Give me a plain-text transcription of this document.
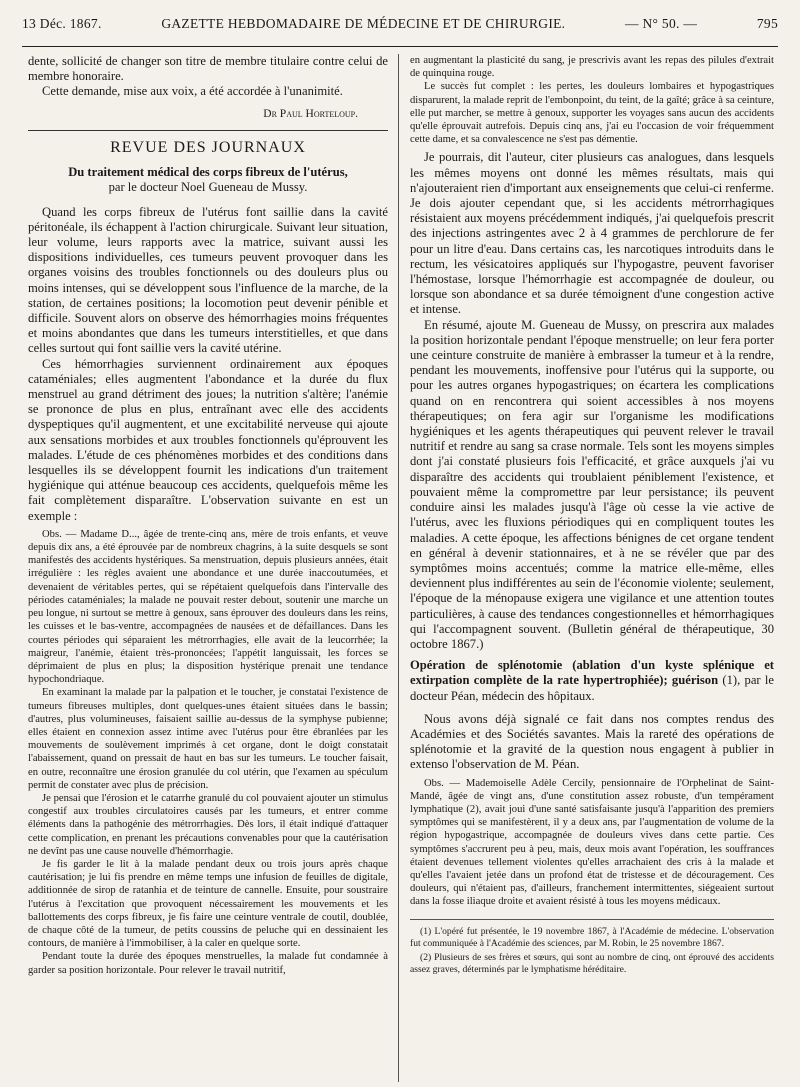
13 Déc. 1867.	GAZETTE HEBDOMADAIRE DE MÉDECINE ET DE CHIRURGIE.	— N° 50. —	795

dente, sollicité de changer son titre de membre titulaire contre celui de membre honoraire.

Cette demande, mise aux voix, a été accordée à l'unanimité.

Dr Paul Horteloup.
REVUE DES JOURNAUX
Du traitement médical des corps fibreux de l'utérus,
par le docteur Noel Gueneau de Mussy.

Quand les corps fibreux de l'utérus font saillie dans la cavité péritonéale, ils échappent à l'action chirurgicale. Suivant leur situation, leur volume, leurs rapports avec la matrice, suivant aussi les dispositions individuelles, ces tumeurs peuvent provoquer dans les organes voisins des troubles fonctionnels ou des douleurs plus ou moins intenses, qui se développent sous l'influence de la marche, de la station, de certaines positions; la locomotion peut devenir pénible et difficile. Souvent alors on observe des hémorrhagies moins fréquentes et moins abondantes que dans les tumeurs interstitielles, et que dans celles surtout qui font saillie vers la cavité utérine.

Ces hémorrhagies surviennent ordinairement aux époques cataméniales; elles augmentent l'abondance et la durée du flux menstruel au grand détriment des joues; la nutrition s'altère; l'anémie se prononce de plus en plus, entraînant avec elle des accidents dyspeptiques qu'il augmentent, et une excitabilité nerveuse qui ajoute aux sensations morbides et aux troubles fonctionnels qu'éprouvent les malades. L'étude de ces phénomènes morbides et des conditions dans lesquelles ils se développent fournit les indications d'un traitement hygiénique qui atténue beaucoup ces accidents, quelquefois même les fait complètement disparaître. L'observation suivante en est un exemple :

Obs. — Madame D..., âgée de trente-cinq ans, mère de trois enfants, et veuve depuis dix ans, a été éprouvée par de nombreux chagrins, à la suite desquels se sont manifestés des accidents hystériques. Sa menstruation, depuis plusieurs années, était irrégulière : les règles avaient une abondance et une durée inaccoutumées, et devenaient de véritables pertes, qui se répétaient quelquefois dans l'intervalle des périodes cataméniales; la malade ne pouvait rester debout, soutenir une marche un peu longue, ni surtout se mettre à genoux, sans éprouver des douleurs dans les reins, les cuisses et le bas-ventre, accompagnées de nausées et de défaillances. Dans les courtes périodes qui séparaient les métrorrhagies, elle avait de la leucorrhée; la maigreur, l'anémie, étaient très-prononcées; l'appétit languissait, les forces se déprimaient de plus en plus; la disposition hystérique prenait une tendance hypochondriaque.

En examinant la malade par la palpation et le toucher, je constatai l'existence de tumeurs fibreuses multiples, dont quelques-unes étaient situées dans le bassin; d'autres, plus volumineuses, faisaient saillie au-dessus de la symphyse pubienne; elles étaient en connexion assez intime avec l'utérus pour être ébranlées par les mouvements de soulèvement imprimés à cet organe, dont le doigt constatait l'abaissement, quand on pressait de haut en bas sur les tumeurs. Le toucher faisait, en outre, reconnaître une érosion granulée du col utérin, que l'examen au spéculum permit de constater avec plus de précision.

Je pensai que l'érosion et le catarrhe granulé du col pouvaient ajouter un stimulus congestif aux troubles circulatoires causés par les tumeurs, et entrer comme éléments dans la pathogénie des métrorrhagies. Dès lors, il était indiqué d'attaquer cette complication, en prenant les précautions convenables pour que la cautérisation ne devînt pas une cause nouvelle d'hémorrhagie.

Je fis garder le lit à la malade pendant deux ou trois jours après chaque cautérisation; je lui fis prendre en même temps une infusion de feuilles de digitale, additionnée de sirop de ratanhia et de teinture de cannelle. Ensuite, pour soustraire l'utérus à l'excitation que provoquent nécessairement les mouvements et les ballottements des corps fibreux, je fis faire une ceinture ventrale de coutil, doublée, de chaque côté de la tumeur, de petits coussins de peluche qui en dessinaient les contours, de manière à l'immobiliser, à la caler en quelque sorte.

Pendant toute la durée des époques menstruelles, la malade fut condamnée à garder sa position horizontale. Pour relever le travail nutritif,

en augmentant la plasticité du sang, je prescrivis avant les repas des pilules d'extrait de quinquina rouge.

Le succès fut complet : les pertes, les douleurs lombaires et hypogastriques disparurent, la malade reprit de l'embonpoint, du teint, de la gaîté; grâce à sa ceinture, elle put marcher, se mettre à genoux, supporter les voyages sans aucun des accidents qu'elle éprouvait autrefois. Depuis cinq ans, j'ai eu l'occasion de voir fréquemment cette dame, et sa convalescence ne s'est pas démentie.

Je pourrais, dit l'auteur, citer plusieurs cas analogues, dans lesquels les mêmes moyens ont donné les mêmes résultats, mais qui n'ajouteraient rien d'important aux enseignements que celui-ci renferme. Je dois ajouter cependant que, si les accidents métrorrhagiques résistaient aux moyens précédemment indiqués, j'ai quelquefois prescrit des injections astringentes avec 2 à 4 grammes de perchlorure de fer pour un litre d'eau. Dans certains cas, les narcotiques introduits dans le rectum, les vésicatoires appliqués sur l'hypogastre, peuvent favoriser l'hémostase, lorsque l'hémorrhagie est accompagnée de douleur, ou lorsque son abondance et sa durée témoignent d'une congestion active et intense.

En résumé, ajoute M. Gueneau de Mussy, on prescrira aux malades la position horizontale pendant l'époque menstruelle; on leur fera porter une ceinture construite de manière à embrasser la tumeur et à la rendre, pendant les mouvements, inoffensive pour l'utérus qui la supporte, ou pour les autres organes hypogastriques; on écartera les complications quand on en rencontrera qui soient accessibles à nos moyens thérapeutiques; on fera agir sur l'organisme les modifications hygiéniques et les agents thérapeutiques qui peuvent relever le travail nutritif et rendre au sang sa crase normale. Tels sont les moyens simples dont j'ai constaté plusieurs fois l'efficacité, et grâce auxquels j'ai vu disparaître des accidents qui troublaient péniblement l'existence, et pouvaient même la compromettre par leur persistance; ils peuvent conduire ainsi les malades jusqu'à l'âge où cesse la vie active de l'utérus, avec les fluxions périodiques qui en compliquent toutes les maladies. A cette époque, les affections bénignes de cet organe tendent en général à devenir stationnaires, et à ne se révéler que par des symptômes moins accentués; comme la matrice elle-même, elles deviennent plus indifférentes au sein de l'économie violente; seulement, l'époque de la ménopause exigera une vigilance et une attention toutes particulières, à cause des tendances congestionnelles et hémorrhagiques qui l'accompagnent souvent. (Bulletin général de thérapeutique, 30 octobre 1867.)

Opération de splénotomie (ablation d'un kyste splénique et extirpation complète de la rate hypertrophiée); guérison (1), par le docteur Péan, médecin des hôpitaux.

Nous avons déjà signalé ce fait dans nos comptes rendus des Académies et des Sociétés savantes. Mais la rareté des opérations de splénotomie et la gravité de la question nous engagent à publier in extenso l'observation de M. Péan.

Obs. — Mademoiselle Adèle Cercily, pensionnaire de l'Orphelinat de Saint-Mandé, âgée de vingt ans, d'une constitution assez robuste, d'un tempérament lymphatique (2), avait joui d'une santé satisfaisante jusqu'à l'apparition des premiers symptômes qui se manifestèrent, il y a deux ans, par l'augmentation de volume de la région hypogastrique, accompagnée de douleurs vives dans cette partie. Ces symptômes s'accrurent peu à peu, mais, deux mois avant l'opération, les souffrances étaient devenues tellement violentes qu'elles arrachaient des cris à la malade et qu'elles l'avaient jetée dans un profond état de tristesse et de découragement. Ces douleurs, qui n'étaient pas, d'ailleurs, franchement intermittentes, siégeaient surtout dans la fosse iliaque droite et avaient résisté à tous les moyens médicaux.

(1) L'opéré fut présentée, le 19 novembre 1867, à l'Académie de médecine. L'observation fut communiquée à l'Académie des sciences, par M. Robin, le 25 novembre 1867.

(2) Plusieurs de ses frères et sœurs, qui sont au nombre de cinq, ont éprouvé des accidents assez graves, déterminés par le lymphatisme héréditaire.
